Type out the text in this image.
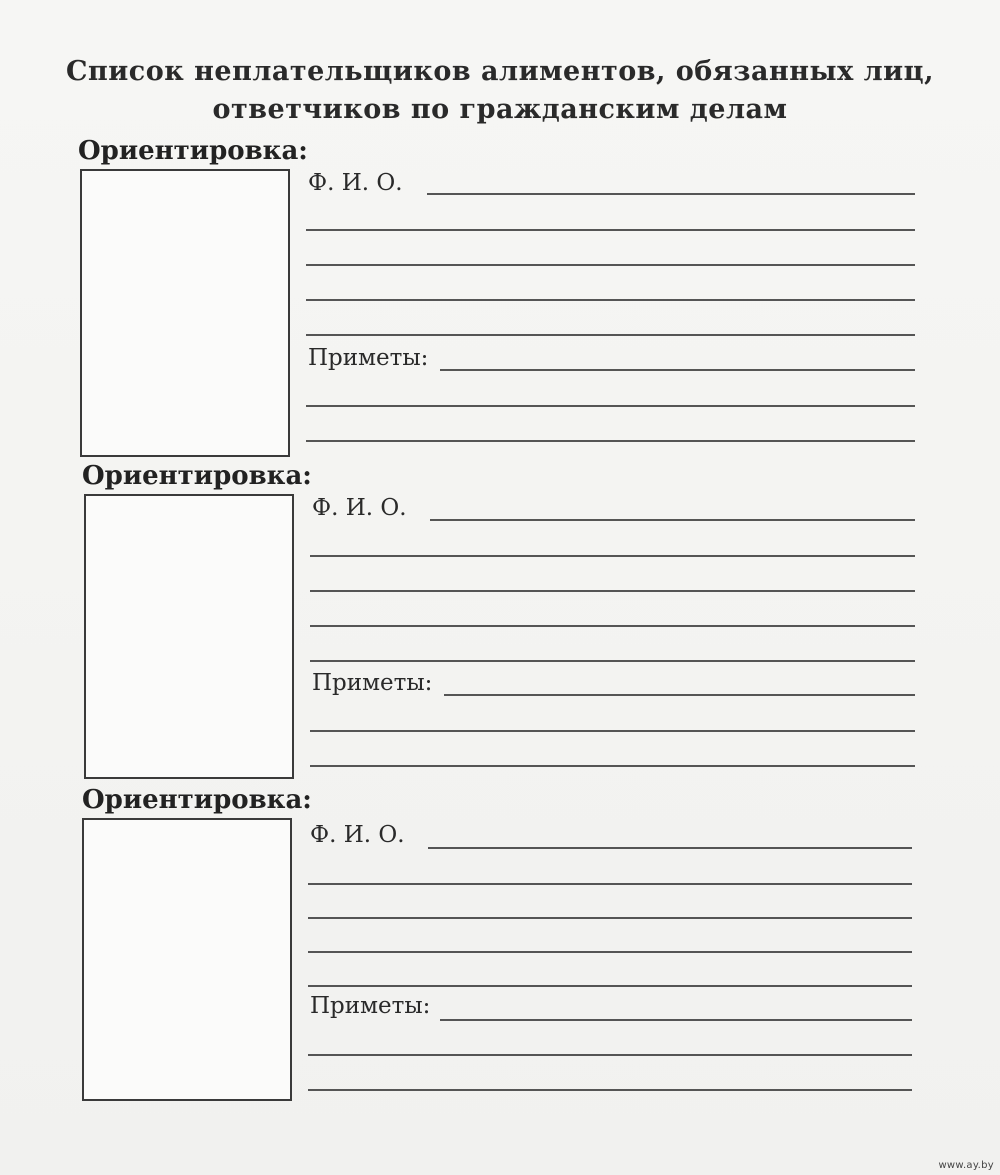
Список неплательщиков алиментов, обязанных лиц,
ответчиков по гражданским делам
Ориентировка:
Ф. И. О.
Приметы:
Ориентировка:
Ф. И. О.
Приметы:
Ориентировка:
Ф. И. О.
Приметы:
www.ay.by
